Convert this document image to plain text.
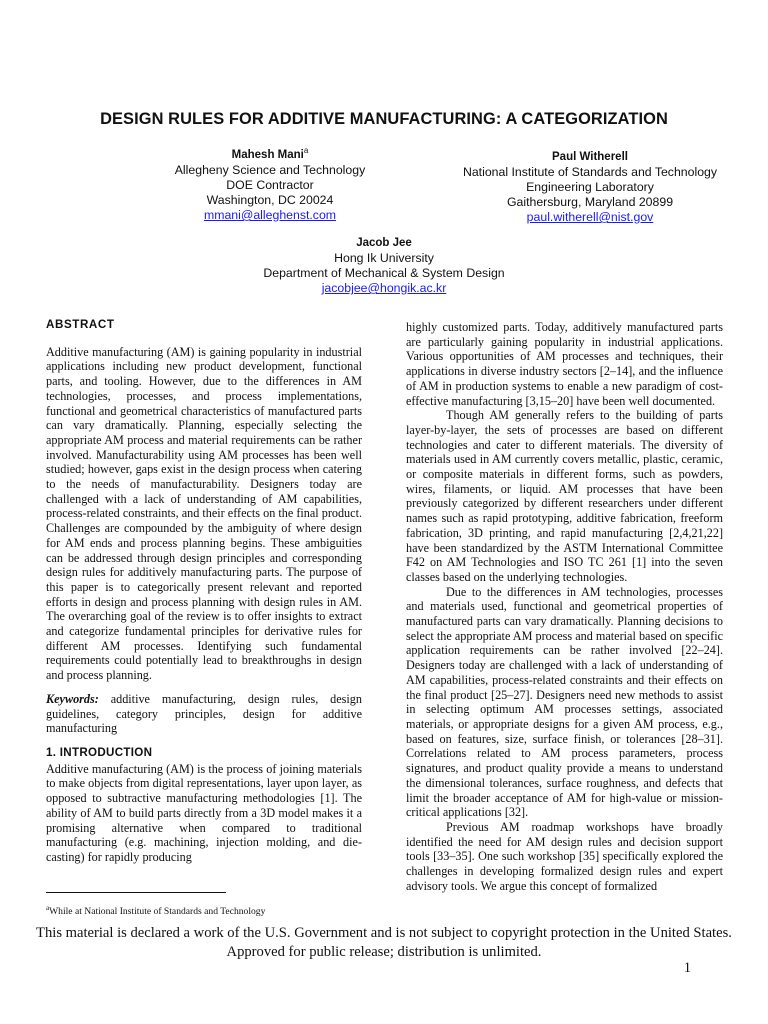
DESIGN RULES FOR ADDITIVE MANUFACTURING: A CATEGORIZATION
Mahesh Mani$^a$
Allegheny Science and Technology
DOE Contractor
Washington, DC 20024
mmani@alleghenst.com
Paul Witherell
National Institute of Standards and Technology
Engineering Laboratory
Gaithersburg, Maryland 20899
paul.witherell@nist.gov
Jacob Jee
Hong Ik University
Department of Mechanical & System Design
jacobjee@hongik.ac.kr
ABSTRACT

Additive manufacturing (AM) is gaining popularity in industrial applications including new product development, functional parts, and tooling. However, due to the differences in AM technologies, processes, and process implementations, functional and geometrical characteristics of manufactured parts can vary dramatically. Planning, especially selecting the appropriate AM process and material requirements can be rather involved. Manufacturability using AM processes has been well studied; however, gaps exist in the design process when catering to the needs of manufacturability. Designers today are challenged with a lack of understanding of AM capabilities, process-related constraints, and their effects on the final product. Challenges are compounded by the ambiguity of where design for AM ends and process planning begins. These ambiguities can be addressed through design principles and corresponding design rules for additively manufacturing parts. The purpose of this paper is to categorically present relevant and reported efforts in design and process planning with design rules in AM. The overarching goal of the review is to offer insights to extract and categorize fundamental principles for derivative rules for different AM processes. Identifying such fundamental requirements could potentially lead to breakthroughs in design and process planning.

Keywords: additive manufacturing, design rules, design guidelines, category principles, design for additive manufacturing

1. INTRODUCTION

Additive manufacturing (AM) is the process of joining materials to make objects from digital representations, layer upon layer, as opposed to subtractive manufacturing methodologies [1]. The ability of AM to build parts directly from a 3D model makes it a promising alternative when compared to traditional manufacturing (e.g. machining, injection molding, and die-casting) for rapidly producing

highly customized parts. Today, additively manufactured parts are particularly gaining popularity in industrial applications. Various opportunities of AM processes and techniques, their applications in diverse industry sectors [2–14], and the influence of AM in production systems to enable a new paradigm of cost-effective manufacturing [3,15–20] have been well documented.

Though AM generally refers to the building of parts layer-by-layer, the sets of processes are based on different technologies and cater to different materials. The diversity of materials used in AM currently covers metallic, plastic, ceramic, or composite materials in different forms, such as powders, wires, filaments, or liquid. AM processes that have been previously categorized by different researchers under different names such as rapid prototyping, additive fabrication, freeform fabrication, 3D printing, and rapid manufacturing [2,4,21,22] have been standardized by the ASTM International Committee F42 on AM Technologies and ISO TC 261 [1] into the seven classes based on the underlying technologies.

Due to the differences in AM technologies, processes and materials used, functional and geometrical properties of manufactured parts can vary dramatically. Planning decisions to select the appropriate AM process and material based on specific application requirements can be rather involved [22–24]. Designers today are challenged with a lack of understanding of AM capabilities, process-related constraints and their effects on the final product [25–27]. Designers need new methods to assist in selecting optimum AM processes settings, associated materials, or appropriate designs for a given AM process, e.g., based on features, size, surface finish, or tolerances [28–31]. Correlations related to AM process parameters, process signatures, and product quality provide a means to understand the dimensional tolerances, surface roughness, and defects that limit the broader acceptance of AM for high-value or mission-critical applications [32].

Previous AM roadmap workshops have broadly identified the need for AM design rules and decision support tools [33–35]. One such workshop [35] specifically explored the challenges in developing formalized design rules and expert advisory tools. We argue this concept of formalized

$^a$While at National Institute of Standards and Technology
This material is declared a work of the U.S. Government and is not subject to copyright protection in the United States. Approved for public release; distribution is unlimited.
1
